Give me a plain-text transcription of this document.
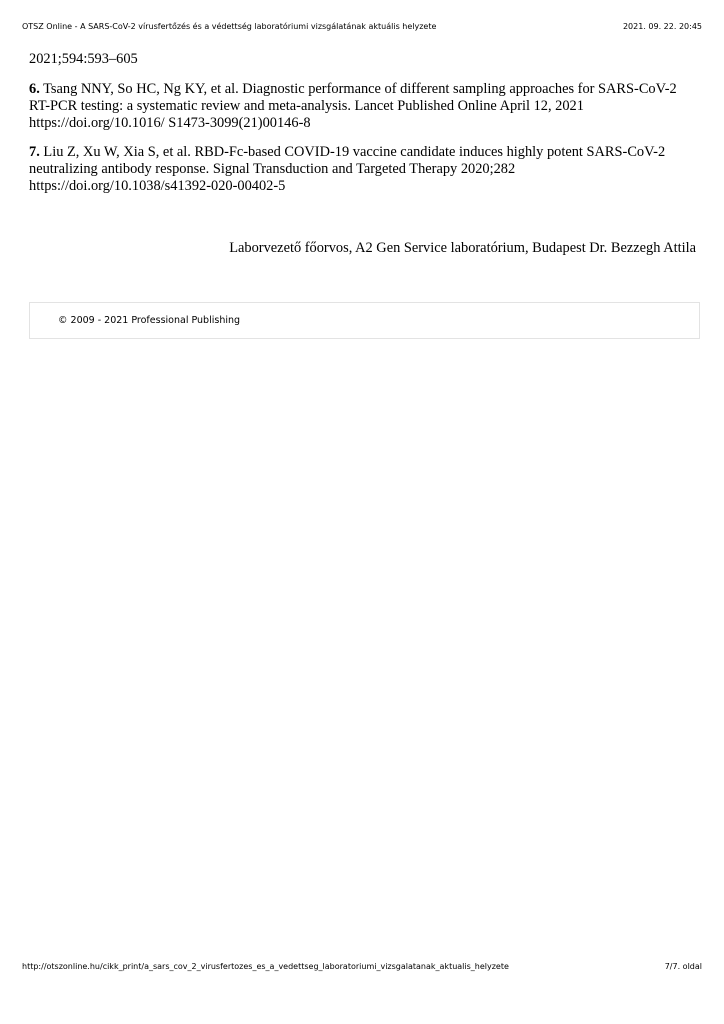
OTSZ Online - A SARS-CoV-2 vírusfertőzés és a védettség laboratóriumi vizsgálatának aktuális helyzete	2021. 09. 22. 20:45
2021;594:593–605
6. Tsang NNY, So HC, Ng KY, et al. Diagnostic performance of different sampling approaches for SARS-CoV-2
RT-PCR testing: a systematic review and meta-analysis. Lancet Published Online April 12, 2021
https://doi.org/10.1016/ S1473-3099(21)00146-8
7. Liu Z, Xu W, Xia S, et al. RBD-Fc-based COVID-19 vaccine candidate induces highly potent SARS-CoV-2
neutralizing antibody response. Signal Transduction and Targeted Therapy 2020;282
https://doi.org/10.1038/s41392-020-00402-5
Laborvezető főorvos, A2 Gen Service laboratórium, Budapest Dr. Bezzegh Attila
© 2009 - 2021 Professional Publishing
http://otszonline.hu/cikk_print/a_sars_cov_2_virusfertozes_es_a_vedettseg_laboratoriumi_vizsgalatanak_aktualis_helyzete	7/7. oldal
